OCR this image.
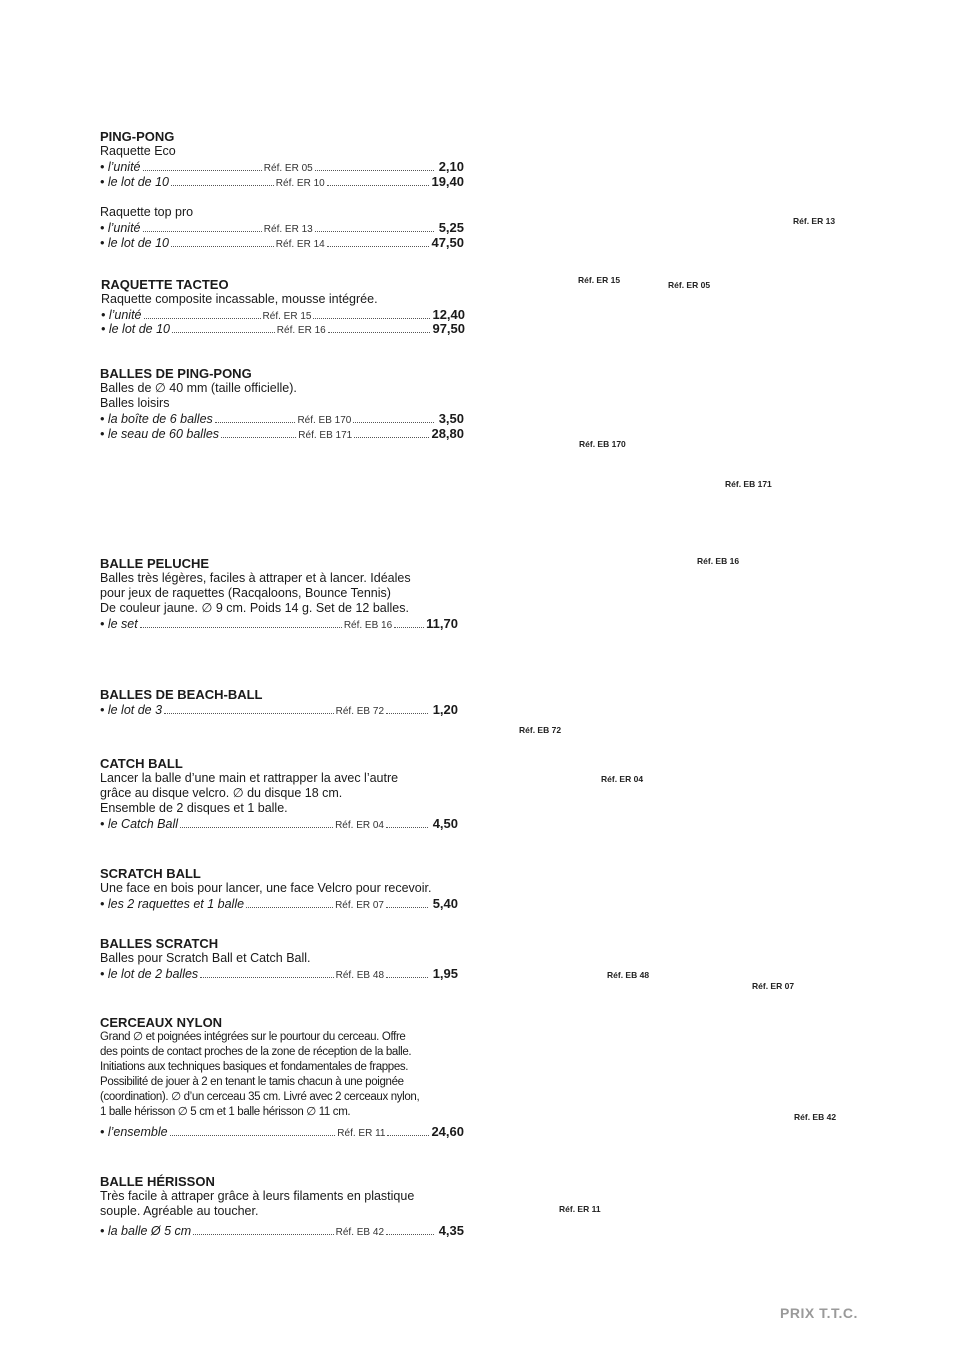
PING-PONG
Raquette Eco
• l’unité	Réf. ER 05	2,10
• le lot de 10	Réf. ER 10	19,40
Raquette top pro
• l’unité	Réf. ER 13	5,25
• le lot de 10	Réf. ER 14	47,50
RAQUETTE TACTEO
Raquette composite incassable, mousse intégrée.
• l’unité	Réf. ER 15	12,40
• le lot de 10	Réf. ER 16	97,50
BALLES DE PING-PONG
Balles de ∅ 40 mm (taille officielle).
Balles loisirs
• la boîte de 6 balles	Réf. EB 170	3,50
• le seau de 60 balles	Réf. EB 171	28,80
BALLE PELUCHE
Balles très légères, faciles à attraper et à lancer. Idéales
pour jeux de raquettes (Racqaloons, Bounce Tennis)
De couleur jaune. ∅ 9 cm. Poids 14 g. Set de 12 balles.
• le set	Réf. EB 16	11,70
BALLES DE BEACH-BALL
• le lot de 3	Réf. EB 72	1,20
CATCH BALL
Lancer la balle d’une main et rattrapper la avec l’autre
grâce au disque velcro. ∅ du disque 18 cm.
Ensemble de 2 disques et 1 balle.
• le Catch Ball	Réf. ER 04	4,50
SCRATCH BALL
Une face en bois pour lancer, une face Velcro pour recevoir.
• les 2 raquettes et 1 balle	Réf. ER 07	5,40
BALLES SCRATCH
Balles pour Scratch Ball et Catch Ball.
• le lot de 2 balles	Réf. EB 48	1,95
CERCEAUX NYLON
Grand ∅ et poignées intégrées sur le pourtour du cerceau. Offre
des points de contact proches de la zone de réception de la balle.
Initiations aux techniques basiques et fondamentales de frappes.
Possibilité de jouer à 2 en tenant le tamis chacun à une poignée
(coordination). ∅ d’un cerceau 35 cm. Livré avec 2 cerceaux nylon,
1 balle hérisson ∅ 5 cm et 1 balle hérisson ∅ 11 cm.
• l’ensemble	Réf. ER 11	24,60
BALLE HÉRISSON
Très facile à attraper grâce à leurs filaments en plastique
souple. Agréable au toucher.
• la balle Ø 5 cm	Réf. EB 42	4,35
Réf. ER 13
Réf. ER 15	Réf. ER 05
Réf. EB 170
Réf. EB 171
Réf. EB 16
Réf. EB 72
Réf. ER 04
Réf. EB 48
Réf. ER 07
Réf. EB 42
Réf. ER 11
PRIX T.T.C.
